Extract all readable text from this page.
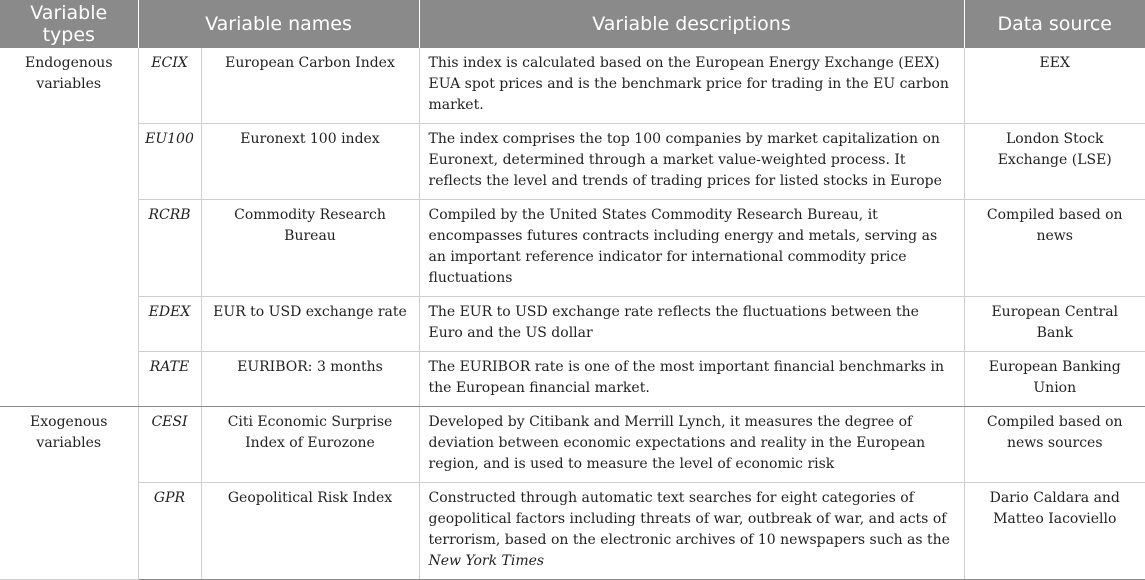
Variable types	Variable names		Variable descriptions	Data source
Endogenous variables	ECIX	European Carbon Index	This index is calculated based on the European Energy Exchange (EEX) EUA spot prices and is the benchmark price for trading in the EU carbon market.	EEX
	EU100	Euronext 100 index	The index comprises the top 100 companies by market capitalization on Euronext, determined through a market value-weighted process. It reflects the level and trends of trading prices for listed stocks in Europe	London Stock Exchange (LSE)
	RCRB	Commodity Research Bureau	Compiled by the United States Commodity Research Bureau, it encompasses futures contracts including energy and metals, serving as an important reference indicator for international commodity price fluctuations	Compiled based on news
	EDEX	EUR to USD exchange rate	The EUR to USD exchange rate reflects the fluctuations between the Euro and the US dollar	European Central Bank
	RATE	EURIBOR: 3 months	The EURIBOR rate is one of the most important financial benchmarks in the European financial market.	European Banking Union
Exogenous variables	CESI	Citi Economic Surprise Index of Eurozone	Developed by Citibank and Merrill Lynch, it measures the degree of deviation between economic expectations and reality in the European region, and is used to measure the level of economic risk	Compiled based on news sources
	GPR	Geopolitical Risk Index	Constructed through automatic text searches for eight categories of geopolitical factors including threats of war, outbreak of war, and acts of terrorism, based on the electronic archives of 10 newspapers such as the New York Times	Dario Caldara and Matteo Iacoviello
